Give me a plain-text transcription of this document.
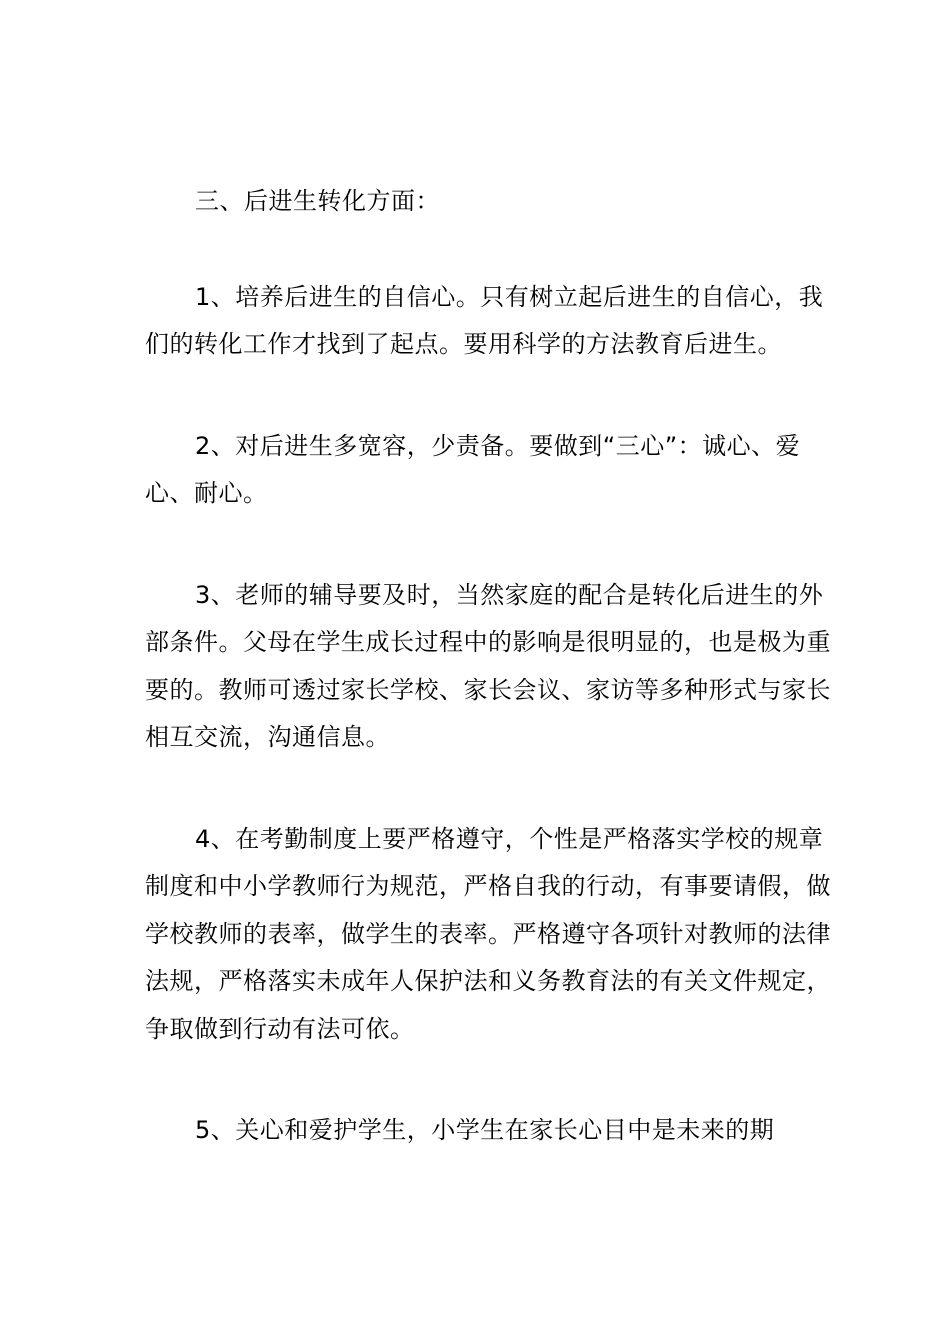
三、后进生转化方面：

1、培养后进生的自信心。只有树立起后进生的自信心，我们的转化工作才找到了起点。要用科学的方法教育后进生。

2、对后进生多宽容，少责备。要做到“三心”：诚心、爱心、耐心。

3、老师的辅导要及时，当然家庭的配合是转化后进生的外部条件。父母在学生成长过程中的影响是很明显的，也是极为重要的。教师可透过家长学校、家长会议、家访等多种形式与家长相互交流，沟通信息。

4、在考勤制度上要严格遵守，个性是严格落实学校的规章制度和中小学教师行为规范，严格自我的行动，有事要请假，做学校教师的表率，做学生的表率。严格遵守各项针对教师的法律法规，严格落实未成年人保护法和义务教育法的有关文件规定，争取做到行动有法可依。

5、关心和爱护学生，小学生在家长心目中是未来的期
